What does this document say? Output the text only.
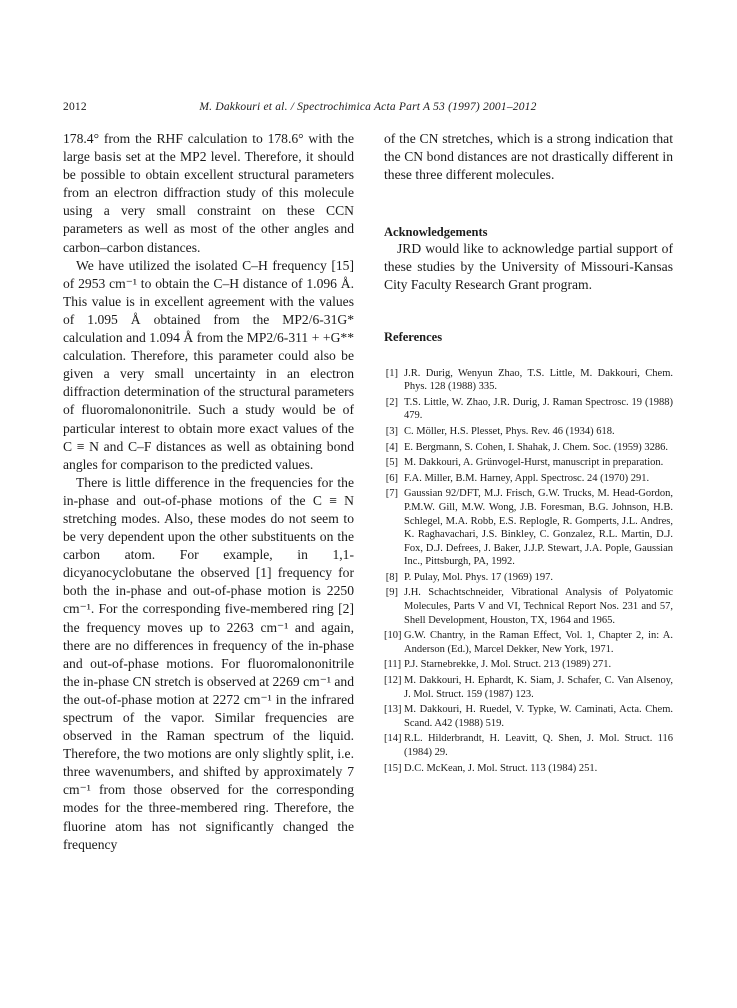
2012	M. Dakkouri et al. / Spectrochimica Acta Part A 53 (1997) 2001–2012

178.4° from the RHF calculation to 178.6° with the large basis set at the MP2 level. Therefore, it should be possible to obtain excellent structural parameters from an electron diffraction study of this molecule using a very small constraint on these CCN parameters as well as most of the other angles and carbon–carbon distances.

We have utilized the isolated C–H frequency [15] of 2953 cm⁻¹ to obtain the C–H distance of 1.096 Å. This value is in excellent agreement with the values of 1.095 Å obtained from the MP2/6-31G* calculation and 1.094 Å from the MP2/6-311 + +G** calculation. Therefore, this parameter could also be given a very small uncertainty in an electron diffraction determination of the structural parameters of fluoromalononitrile. Such a study would be of particular interest to obtain more exact values of the C ≡ N and C–F distances as well as obtaining bond angles for comparison to the predicted values.

There is little difference in the frequencies for the in-phase and out-of-phase motions of the C ≡ N stretching modes. Also, these modes do not seem to be very dependent upon the other substituents on the carbon atom. For example, in 1,1-dicyanocyclobutane the observed [1] frequency for both the in-phase and out-of-phase motion is 2250 cm⁻¹. For the corresponding five-membered ring [2] the frequency moves up to 2263 cm⁻¹ and again, there are no differences in frequency of the in-phase and out-of-phase motions. For fluoromalononitrile the in-phase CN stretch is observed at 2269 cm⁻¹ and the out-of-phase motion at 2272 cm⁻¹ in the infrared spectrum of the vapor. Similar frequencies are observed in the Raman spectrum of the liquid. Therefore, the two motions are only slightly split, i.e. three wavenumbers, and shifted by approximately 7 cm⁻¹ from those observed for the corresponding modes for the three-membered ring. Therefore, the fluorine atom has not significantly changed the frequency

of the CN stretches, which is a strong indication that the CN bond distances are not drastically different in these three different molecules.

Acknowledgements

JRD would like to acknowledge partial support of these studies by the University of Missouri-Kansas City Faculty Research Grant program.

References
[1] J.R. Durig, Wenyun Zhao, T.S. Little, M. Dakkouri, Chem. Phys. 128 (1988) 335.
[2] T.S. Little, W. Zhao, J.R. Durig, J. Raman Spectrosc. 19 (1988) 479.
[3] C. Möller, H.S. Plesset, Phys. Rev. 46 (1934) 618.
[4] E. Bergmann, S. Cohen, I. Shahak, J. Chem. Soc. (1959) 3286.
[5] M. Dakkouri, A. Grünvogel-Hurst, manuscript in preparation.
[6] F.A. Miller, B.M. Harney, Appl. Spectrosc. 24 (1970) 291.
[7] Gaussian 92/DFT, M.J. Frisch, G.W. Trucks, M. Head-Gordon, P.M.W. Gill, M.W. Wong, J.B. Foresman, B.G. Johnson, H.B. Schlegel, M.A. Robb, E.S. Replogle, R. Gomperts, J.L. Andres, K. Raghavachari, J.S. Binkley, C. Gonzalez, R.L. Martin, D.J. Fox, D.J. Defrees, J. Baker, J.J.P. Stewart, J.A. Pople, Gaussian Inc., Pittsburgh, PA, 1992.
[8] P. Pulay, Mol. Phys. 17 (1969) 197.
[9] J.H. Schachtschneider, Vibrational Analysis of Polyatomic Molecules, Parts V and VI, Technical Report Nos. 231 and 57, Shell Development, Houston, TX, 1964 and 1965.
[10] G.W. Chantry, in the Raman Effect, Vol. 1, Chapter 2, in: A. Anderson (Ed.), Marcel Dekker, New York, 1971.
[11] P.J. Starnebrekke, J. Mol. Struct. 213 (1989) 271.
[12] M. Dakkouri, H. Ephardt, K. Siam, J. Schafer, C. Van Alsenoy, J. Mol. Struct. 159 (1987) 123.
[13] M. Dakkouri, H. Ruedel, V. Typke, W. Caminati, Acta. Chem. Scand. A42 (1988) 519.
[14] R.L. Hilderbrandt, H. Leavitt, Q. Shen, J. Mol. Struct. 116 (1984) 29.
[15] D.C. McKean, J. Mol. Struct. 113 (1984) 251.
